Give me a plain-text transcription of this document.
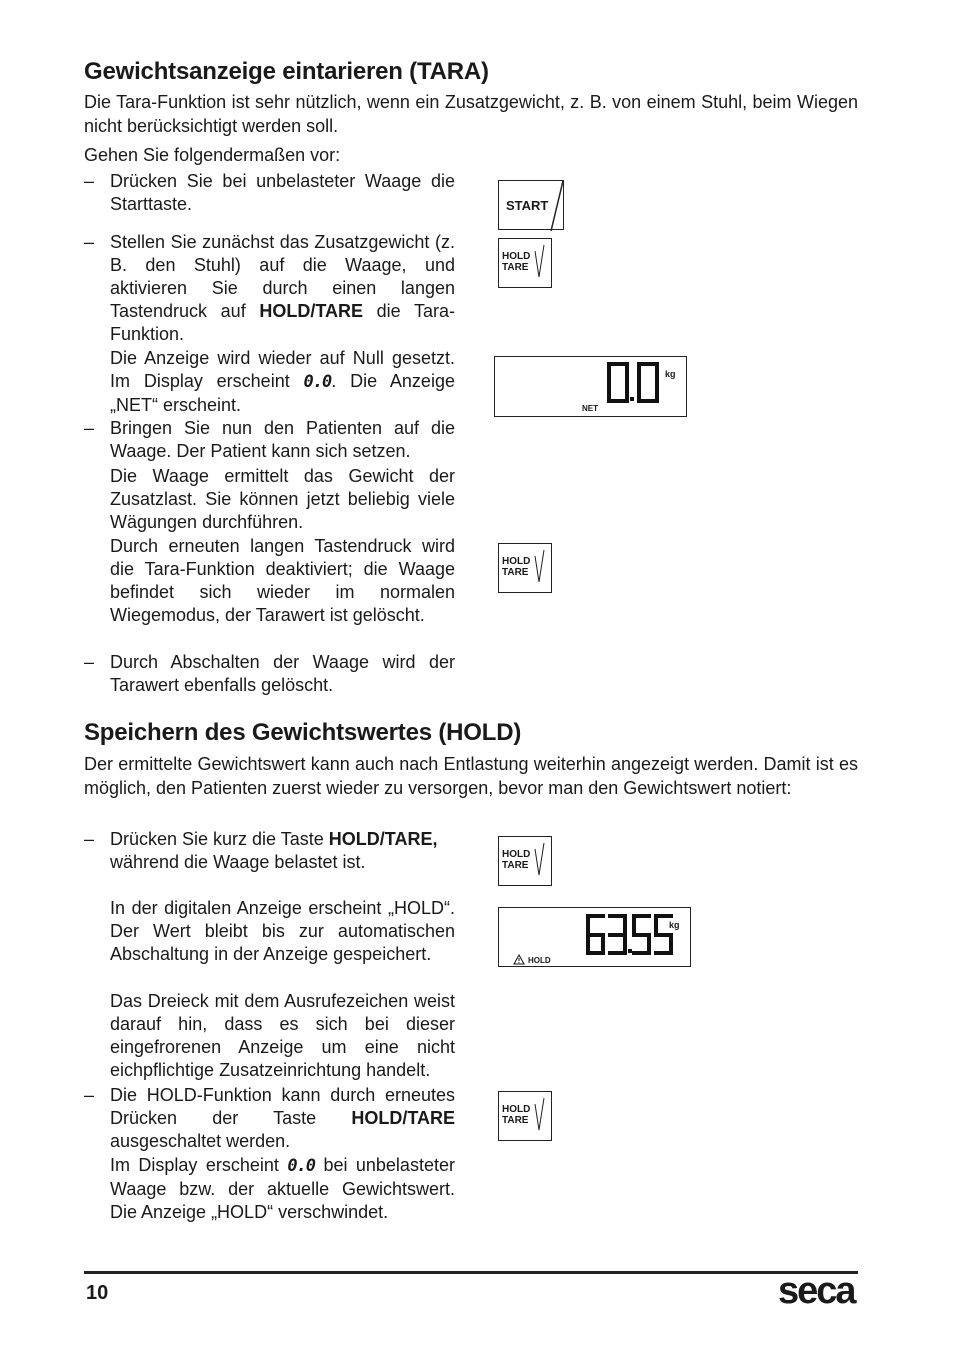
Gewichtsanzeige eintarieren (TARA)

Die Tara-Funktion ist sehr nützlich, wenn ein Zusatzgewicht, z. B. von einem Stuhl, beim Wiegen nicht berücksichtigt werden soll.

Gehen Sie folgendermaßen vor:

– Drücken Sie bei unbelasteter Waage die Starttaste.
– Stellen Sie zunächst das Zusatzgewicht (z. B. den Stuhl) auf die Waage, und aktivieren Sie durch einen langen Tastendruck auf HOLD/TARE die Tara-Funktion.
Die Anzeige wird wieder auf Null gesetzt. Im Display erscheint 0.0. Die Anzeige „NET“ erscheint.
– Bringen Sie nun den Patienten auf die Waage. Der Patient kann sich setzen.
Die Waage ermittelt das Gewicht der Zusatzlast. Sie können jetzt beliebig viele Wägungen durchführen.
Durch erneuten langen Tastendruck wird die Tara-Funktion deaktiviert; die Waage befindet sich wieder im normalen Wiegemodus, der Tarawert ist gelöscht.
– Durch Abschalten der Waage wird der Tarawert ebenfalls gelöscht.
START
HOLD
TARE
HOLD
TARE
kg
NET
Speichern des Gewichtswertes (HOLD)

Der ermittelte Gewichtswert kann auch nach Entlastung weiterhin angezeigt werden. Damit ist es möglich, den Patienten zuerst wieder zu versorgen, bevor man den Gewichtswert notiert:

– Drücken Sie kurz die Taste HOLD/TARE,
während die Waage belastet ist.
In der digitalen Anzeige erscheint „HOLD“. Der Wert bleibt bis zur automatischen Abschaltung in der Anzeige gespeichert.
Das Dreieck mit dem Ausrufezeichen weist darauf hin, dass es sich bei dieser eingefrorenen Anzeige um eine nicht eichpflichtige Zusatzeinrichtung handelt.
– Die HOLD-Funktion kann durch erneutes Drücken der Taste HOLD/TARE ausgeschaltet werden.
Im Display erscheint 0.0 bei unbelasteter Waage bzw. der aktuelle Gewichtswert. Die Anzeige „HOLD“ verschwindet.
HOLD
TARE
HOLD
TARE
kg
HOLD
10	seca
